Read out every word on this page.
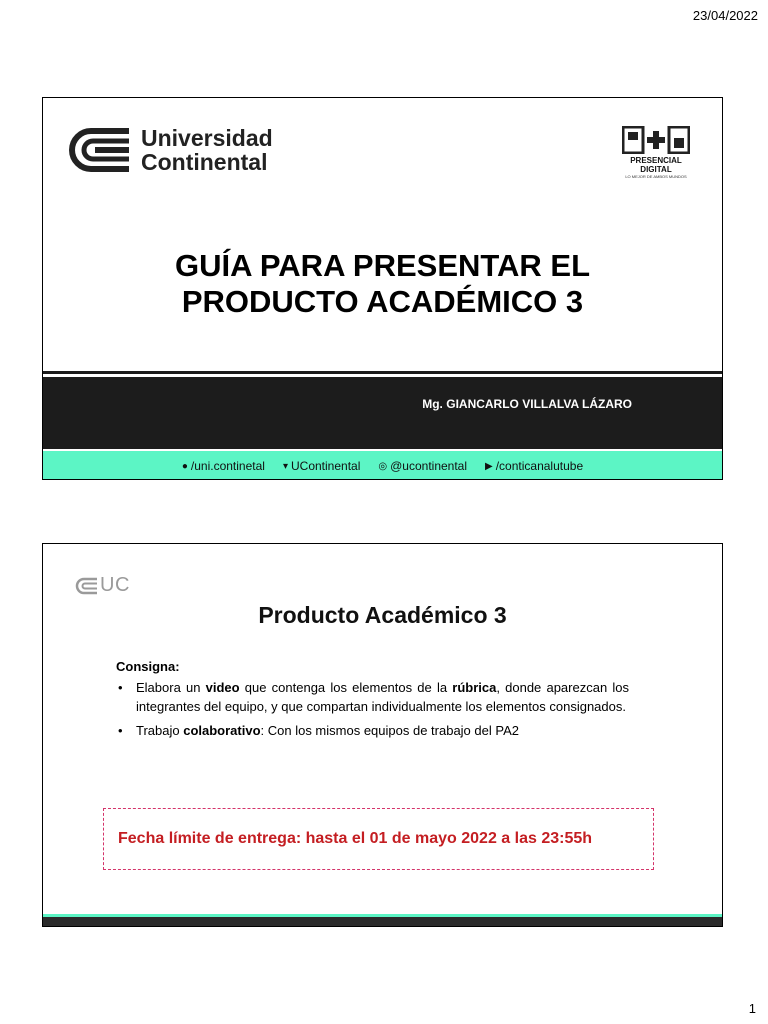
23/04/2022
Universidad
Continental	PRESENCIAL DIGITAL
LO MEJOR DE AMBOS MUNDOS
GUÍA PARA PRESENTAR EL
PRODUCTO ACADÉMICO 3
Mg. GIANCARLO VILLALVA LÁZARO
● /uni.continetal ▾ UContinental ◎ @ucontinental ▶ /conticanalutube
UC
Producto Académico 3
Consigna:
• Elabora un video que contenga los elementos de la rúbrica, donde aparezcan los integrantes del equipo, y que compartan individualmente los elementos consignados.
• Trabajo colaborativo: Con los mismos equipos de trabajo del PA2
Fecha límite de entrega: hasta el 01 de mayo 2022 a las 23:55h
1
